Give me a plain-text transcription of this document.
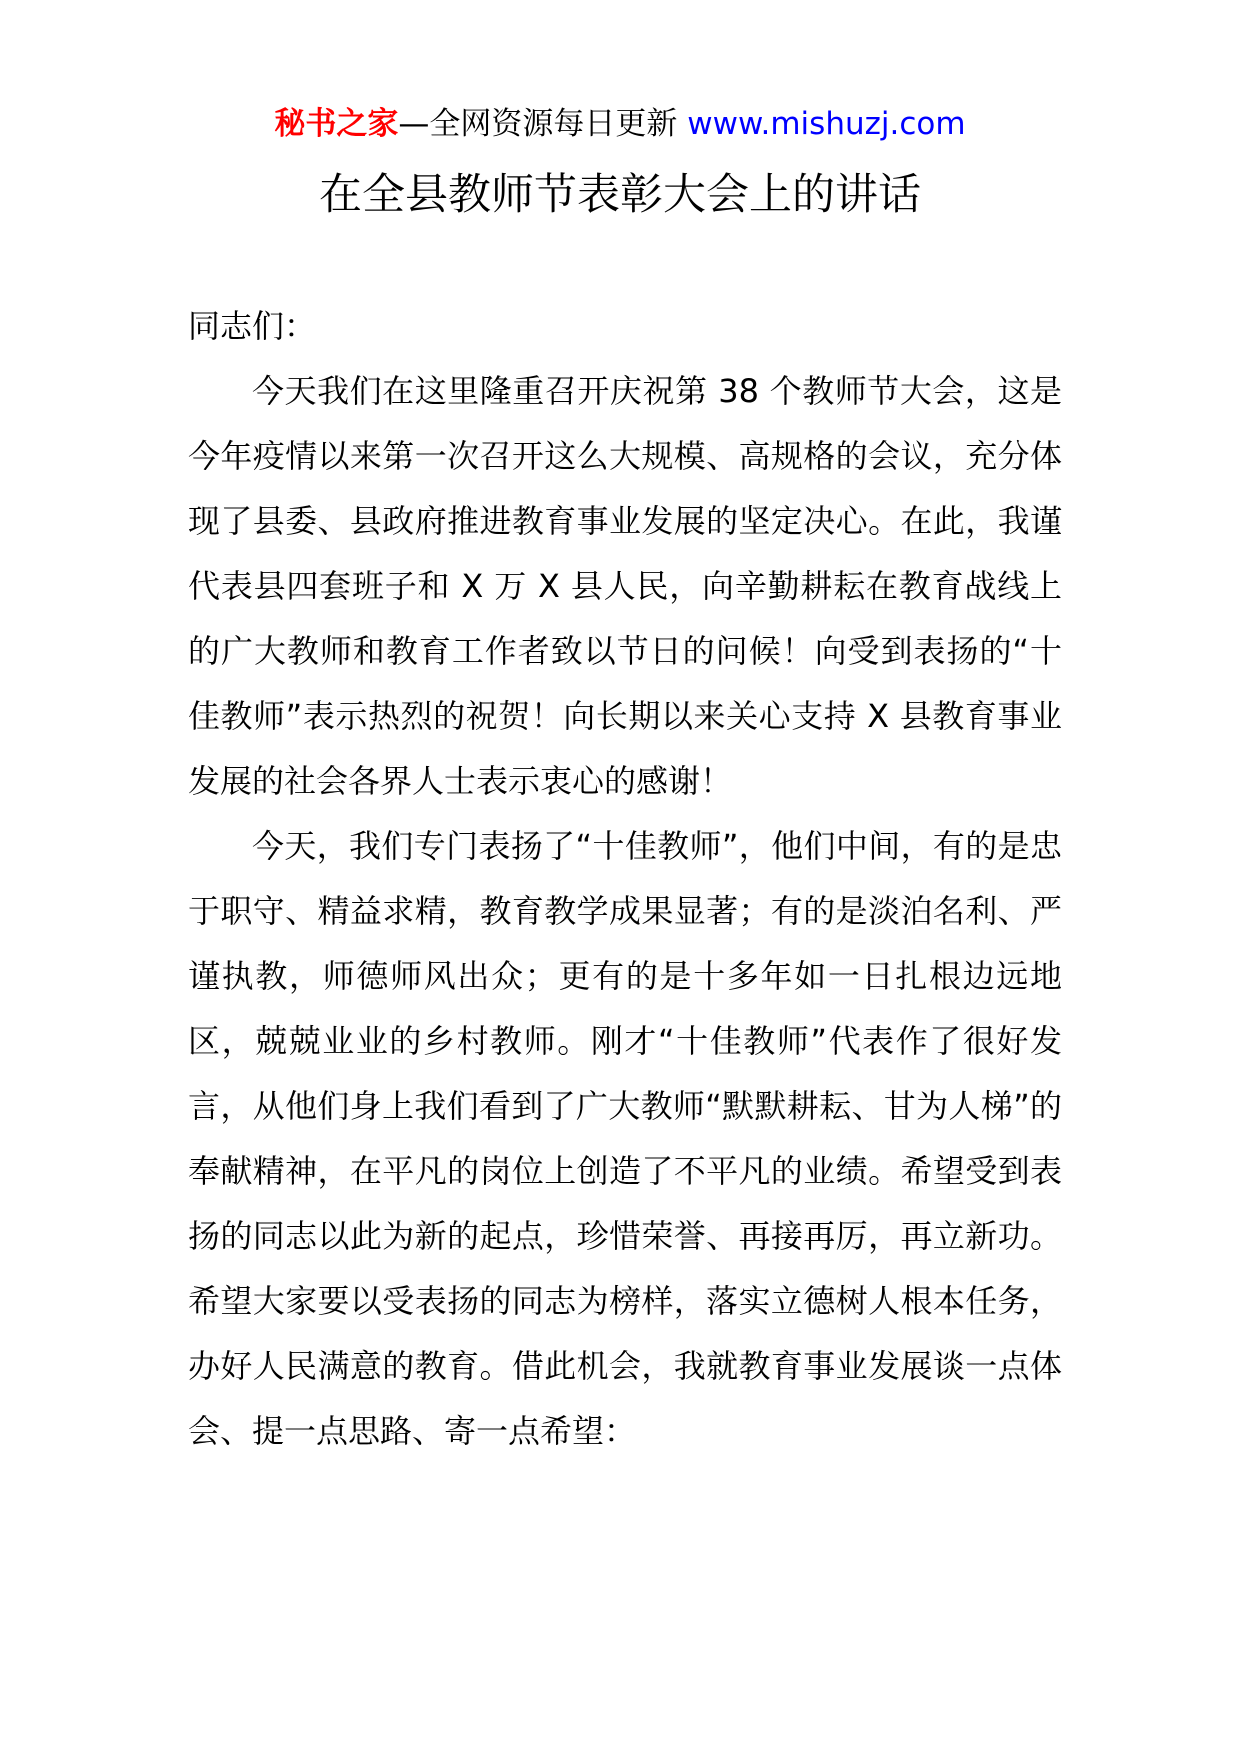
秘书之家—全网资源每日更新 www.mishuzj.com
在全县教师节表彰大会上的讲话

同志们：

今天我们在这里隆重召开庆祝第 38 个教师节大会，这是今年疫情以来第一次召开这么大规模、高规格的会议，充分体现了县委、县政府推进教育事业发展的坚定决心。在此，我谨代表县四套班子和 X 万 X 县人民，向辛勤耕耘在教育战线上的广大教师和教育工作者致以节日的问候！向受到表扬的“十佳教师”表示热烈的祝贺！向长期以来关心支持 X 县教育事业发展的社会各界人士表示衷心的感谢！

今天，我们专门表扬了“十佳教师”，他们中间，有的是忠于职守、精益求精，教育教学成果显著；有的是淡泊名利、严谨执教，师德师风出众；更有的是十多年如一日扎根边远地区，兢兢业业的乡村教师。刚才“十佳教师”代表作了很好发言，从他们身上我们看到了广大教师“默默耕耘、甘为人梯”的奉献精神，在平凡的岗位上创造了不平凡的业绩。希望受到表扬的同志以此为新的起点，珍惜荣誉、再接再厉，再立新功。希望大家要以受表扬的同志为榜样，落实立德树人根本任务，办好人民满意的教育。借此机会，我就教育事业发展谈一点体会、提一点思路、寄一点希望：
